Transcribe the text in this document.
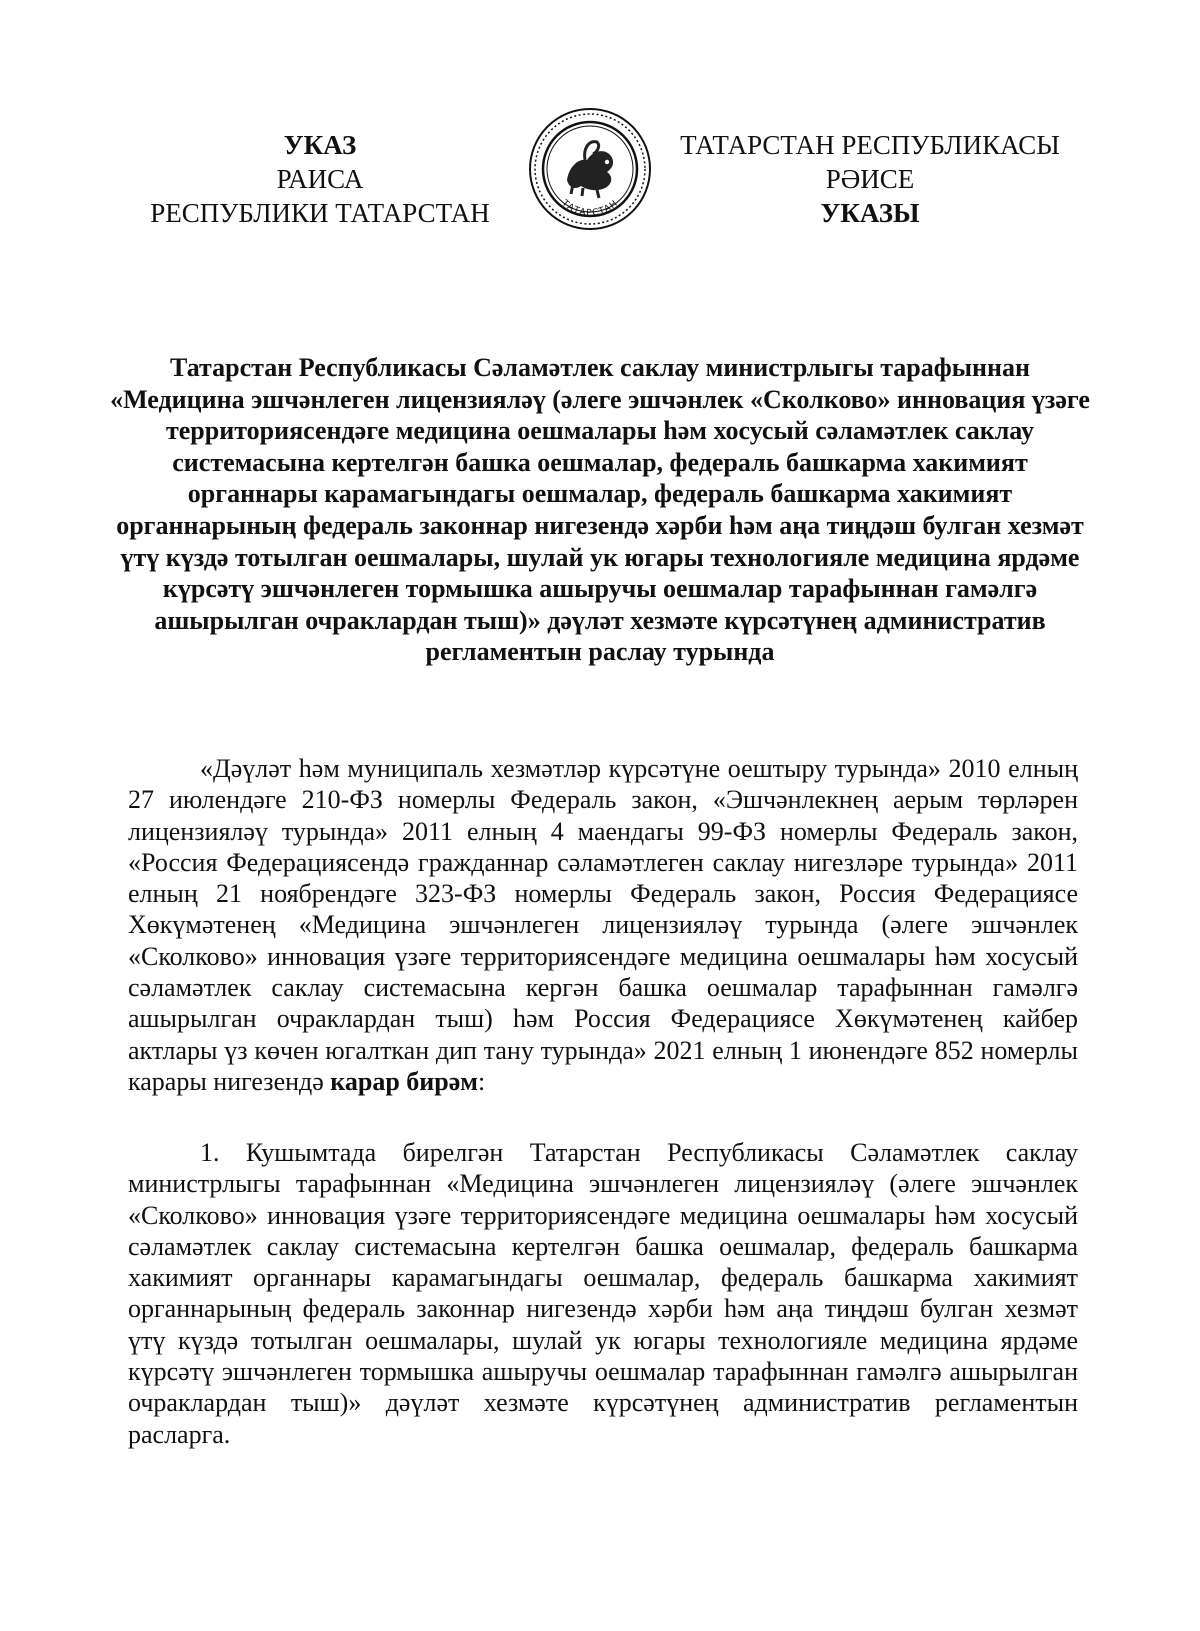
УКАЗ
РАИСА
РЕСПУБЛИКИ ТАТАРСТАН	ТАТАРСТАН
ТАТАРСТАН РЕСПУБЛИКАСЫ
РӘИСЕ
УКАЗЫ
Татарстан Республикасы Сәламәтлек саклау министрлыгы тарафыннан «Медицина эшчәнлеген лицензияләү (әлеге эшчәнлек «Сколково» инновация үзәге территориясендәге медицина оешмалары һәм хосусый сәламәтлек саклау системасына кертелгән башка оешмалар, федераль башкарма хакимият органнары карамагындагы оешмалар, федераль башкарма хакимият органнарының федераль законнар нигезендә хәрби һәм аңа тиңдәш булган хезмәт үтү күздә тотылган оешмалары, шулай ук югары технологияле медицина ярдәме күрсәтү эшчәнлеген тормышка ашыручы оешмалар тарафыннан гамәлгә ашырылган очраклардан тыш)» дәүләт хезмәте күрсәтүнең административ регламентын раслау турында

«Дәүләт һәм муниципаль хезмәтләр күрсәтүне оештыру турында» 2010 елның 27 июлендәге 210-ФЗ номерлы Федераль закон, «Эшчәнлекнең аерым төрләрен лицензияләү турында» 2011 елның 4 маендагы 99-ФЗ номерлы Федераль закон, «Россия Федерациясендә гражданнар сәламәтлеген саклау нигезләре турында» 2011 елның 21 ноябрендәге 323-ФЗ номерлы Федераль закон, Россия Федерациясе Хөкүмәтенең «Медицина эшчәнлеген лицензияләү турында (әлеге эшчәнлек «Сколково» инновация үзәге территориясендәге медицина оешмалары һәм хосусый сәламәтлек саклау системасына кергән башка оешмалар тарафыннан гамәлгә ашырылган очраклардан тыш) һәм Россия Федерациясе Хөкүмәтенең кайбер актлары үз көчен югалткан дип тану турында» 2021 елның 1 июнендәге 852 номерлы карары нигезендә карар бирәм:

1. Кушымтада бирелгән Татарстан Республикасы Сәламәтлек саклау министрлыгы тарафыннан «Медицина эшчәнлеген лицензияләү (әлеге эшчәнлек «Сколково» инновация үзәге территориясендәге медицина оешмалары һәм хосусый сәламәтлек саклау системасына кертелгән башка оешмалар, федераль башкарма хакимият органнары карамагындагы оешмалар, федераль башкарма хакимият органнарының федераль законнар нигезендә хәрби һәм аңа тиңдәш булган хезмәт үтү күздә тотылган оешмалары, шулай ук югары технологияле медицина ярдәме күрсәтү эшчәнлеген тормышка ашыручы оешмалар тарафыннан гамәлгә ашырылган очраклардан тыш)» дәүләт хезмәте күрсәтүнең административ регламентын расларга.
